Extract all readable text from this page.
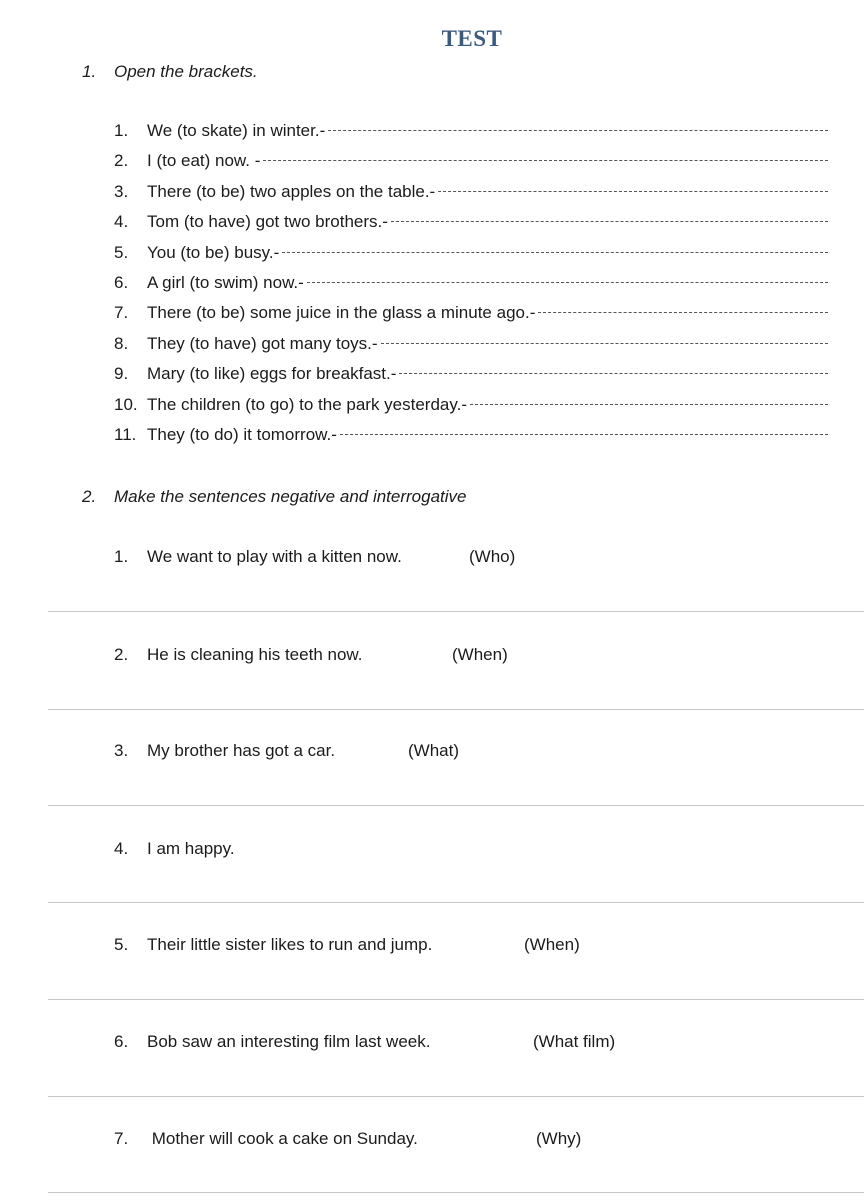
TEST
1. Open the brackets.
1.	We (to skate) in winter.-
2.	I (to eat) now. -
3.	There (to be) two apples on the table.-
4.	Tom (to have) got two brothers.-
5.	You (to be) busy.-
6.	A girl (to swim) now.-
7.	There (to be) some juice in the glass a minute ago.-
8.	They (to have) got many toys.-
9.	Mary (to like) eggs for breakfast.-
10. The children (to go) to the park yesterday.-
11. They (to do) it tomorrow.-
2. Make the sentences negative and interrogative
1. We want to play with a kitten now.	(Who)
2. He is cleaning his teeth now.	(When)
3. My brother has got a car.	(What)
4. I am happy.
5. Their little sister likes to run and jump.	(When)
6. Bob saw an interesting film last week.	(What film)
7. Mother will cook a cake on Sunday.	(Why)
